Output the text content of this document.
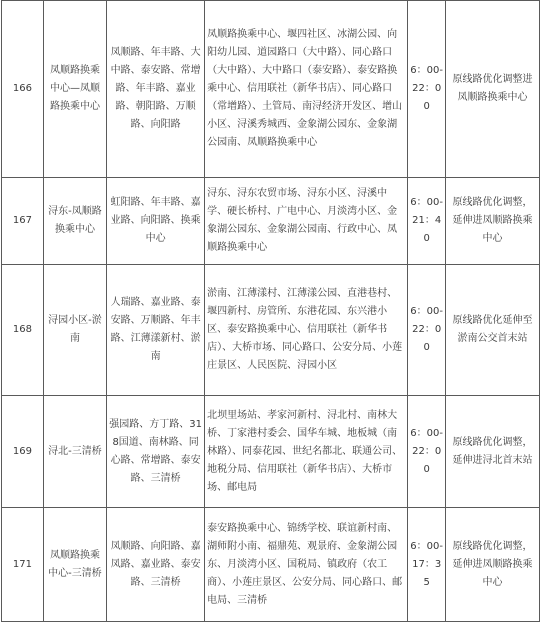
166	凤顺路换乘中心—凤顺路换乘中心	凤顺路、年丰路、大中路、泰安路、常增路、年丰路、嘉业路、朝阳路、万顺路、向阳路	凤顺路换乘中心、堰四社区、冰湖公园、向阳幼儿园、道园路口（大中路）、同心路口（大中路）、大中路口（泰安路）、泰安路换乘中心、信用联社（新华书店）、同心路口（常增路）、土管局、南浔经济开发区、增山小区、浔溪秀城西、金象湖公园东、金象湖公园南、凤顺路换乘中心	6：00-22：00	原线路优化调整进凤顺路换乘中心
167	浔东-凤顺路换乘中心	虹阳路、年丰路、嘉业路、向阳路、换乘中心	浔东、浔东农贸市场、浔东小区、浔溪中学、硬长桥村、广电中心、月淡湾小区、金象湖公园东、金象湖公园南、行政中心、凤顺路换乘中心	6：00-21：40	原线路优化调整，延伸进凤顺路换乘中心
168	浔园小区-淤南	人瑞路、嘉业路、泰安路、万顺路、年丰路、江薄漾新村、淤南	淤南、江薄漾村、江薄漾公园、直港巷村、堰四新村、房管所、东港花园、东兴港小区、泰安路换乘中心、信用联社（新华书店）、大桥市场、同心路口、公安分局、小莲庄景区、人民医院、浔园小区	6：00-22：00	原线路优化延伸至淤南公交首末站
169	浔北-三清桥	强园路、方丁路、318国道、南林路、同心路、常增路、泰安路、三清桥	北坝里场站、孝家河新村、浔北村、南林大桥、丁家港村委会、国华车城、地板城（南林路）、同泰花园、世纪名都北、联通公司、地税分局、信用联社（新华书店）、大桥市场、邮电局	6：00-22：00	原线路优化调整，延伸进浔北首末站
171	凤顺路换乘中心-三清桥	凤顺路、向阳路、嘉凤路、嘉业路、泰安路、三清桥	泰安路换乘中心、锦绣学校、联谊新村南、湖师附小南、福鼎苑、观景府、金象湖公园东、月淡湾小区、国税局、镇政府（农工商）、小莲庄景区、公安分局、同心路口、邮电局、三清桥	6：00-17：35	原线路优化调整，延伸进凤顺路换乘中心
